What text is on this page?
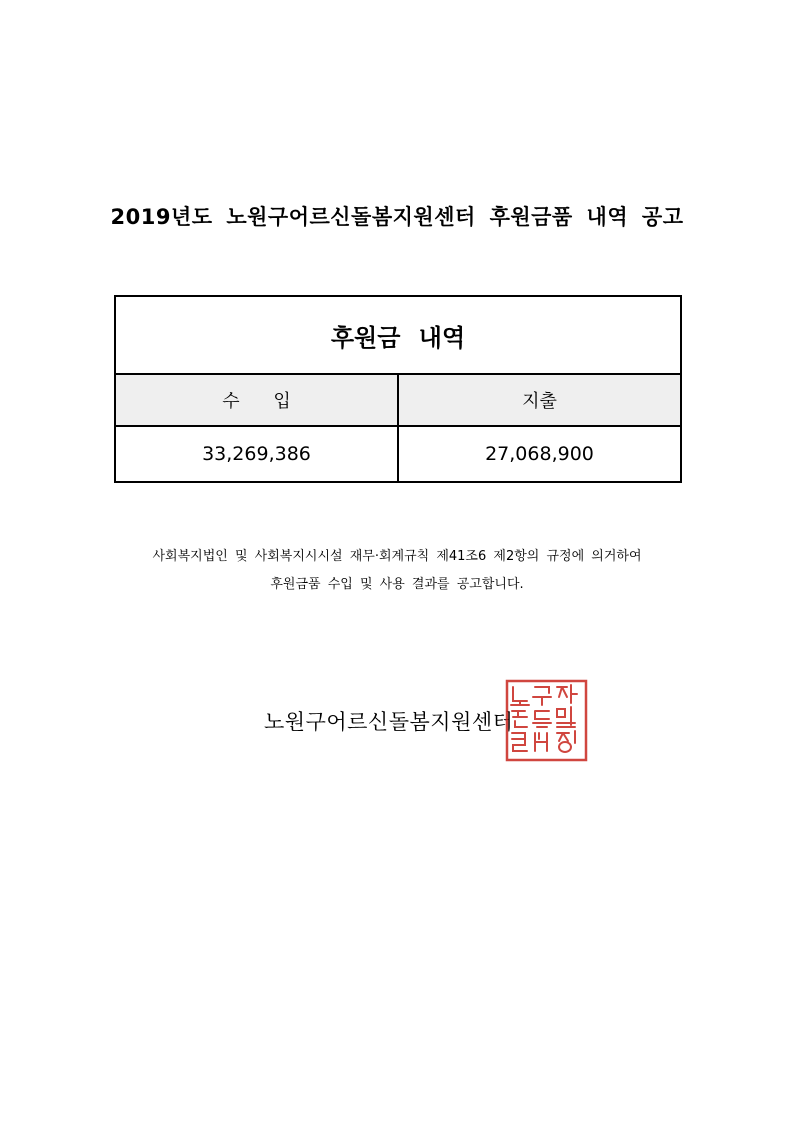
2019년도 노원구어르신돌봄지원센터 후원금품 내역 공고
후원금 내역	
수 입	지출
33,269,386	27,068,900

사회복지법인 및 사회복지시시설 재무·회계규칙 제41조6 제2항의 규정에 의거하여

후원금품 수입 및 사용 결과를 공고합니다.

노원구어르신돌봄지원센터
